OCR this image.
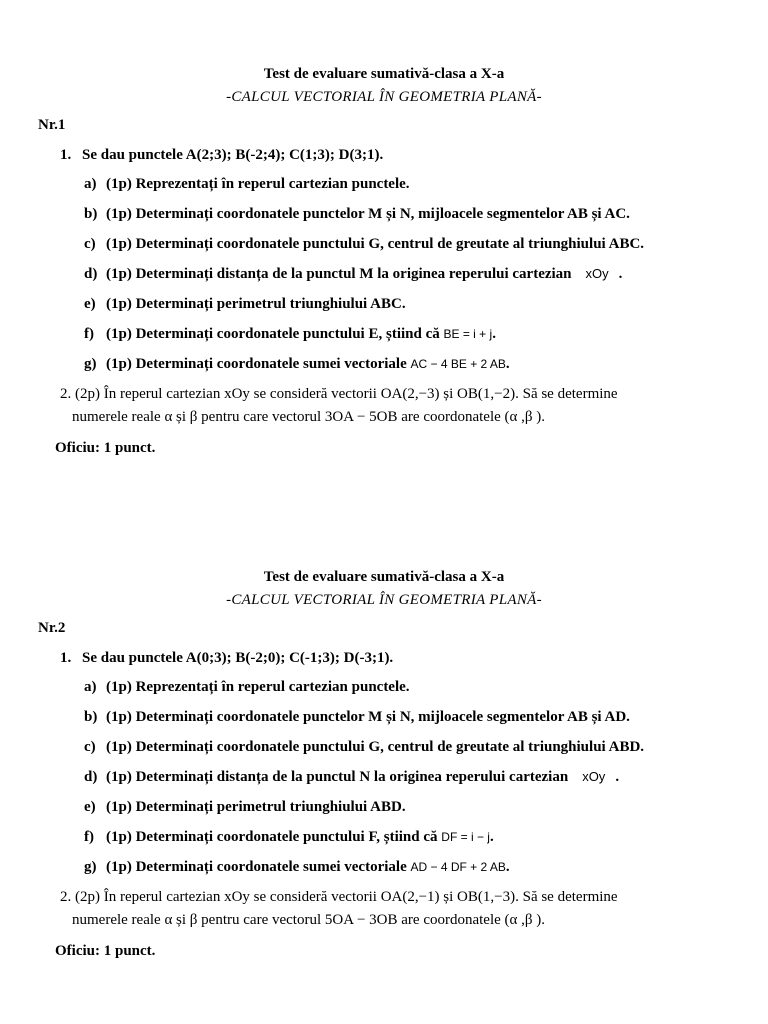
Test de evaluare sumativă-clasa a X-a
-CALCUL VECTORIAL ÎN GEOMETRIA PLANĂ-
Nr.1
1. Se dau punctele A(2;3); B(-2;4); C(1;3); D(3;1).
a) (1p) Reprezentați în reperul cartezian punctele.
b) (1p) Determinați coordonatele punctelor M și N, mijloacele segmentelor AB și AC.
c) (1p) Determinați coordonatele punctului G, centrul de greutate al triunghiului ABC.
d) (1p) Determinați distanța de la punctul M la originea reperului cartezian xOy .
e) (1p) Determinați perimetrul triunghiului ABC.
f) (1p) Determinați coordonatele punctului E, știind că BE = i + j.
g) (1p) Determinați coordonatele sumei vectoriale AC − 4 BE + 2 AB.
2. (2p) În reperul cartezian xOy se consideră vectorii OA(2,−3) și OB(1,−2). Să se determine
numerele reale α și β pentru care vectorul 3OA − 5OB are coordonatele (α ,β ).
Oficiu: 1 punct.
Test de evaluare sumativă-clasa a X-a
-CALCUL VECTORIAL ÎN GEOMETRIA PLANĂ-
Nr.2
1. Se dau punctele A(0;3); B(-2;0); C(-1;3); D(-3;1).
a) (1p) Reprezentați în reperul cartezian punctele.
b) (1p) Determinați coordonatele punctelor M și N, mijloacele segmentelor AB și AD.
c) (1p) Determinați coordonatele punctului G, centrul de greutate al triunghiului ABD.
d) (1p) Determinați distanța de la punctul N la originea reperului cartezian xOy .
e) (1p) Determinați perimetrul triunghiului ABD.
f) (1p) Determinați coordonatele punctului F, știind că DF = i − j.
g) (1p) Determinați coordonatele sumei vectoriale AD − 4 DF + 2 AB.
2. (2p) În reperul cartezian xOy se consideră vectorii OA(2,−1) și OB(1,−3). Să se determine
numerele reale α și β pentru care vectorul 5OA − 3OB are coordonatele (α ,β ).
Oficiu: 1 punct.
